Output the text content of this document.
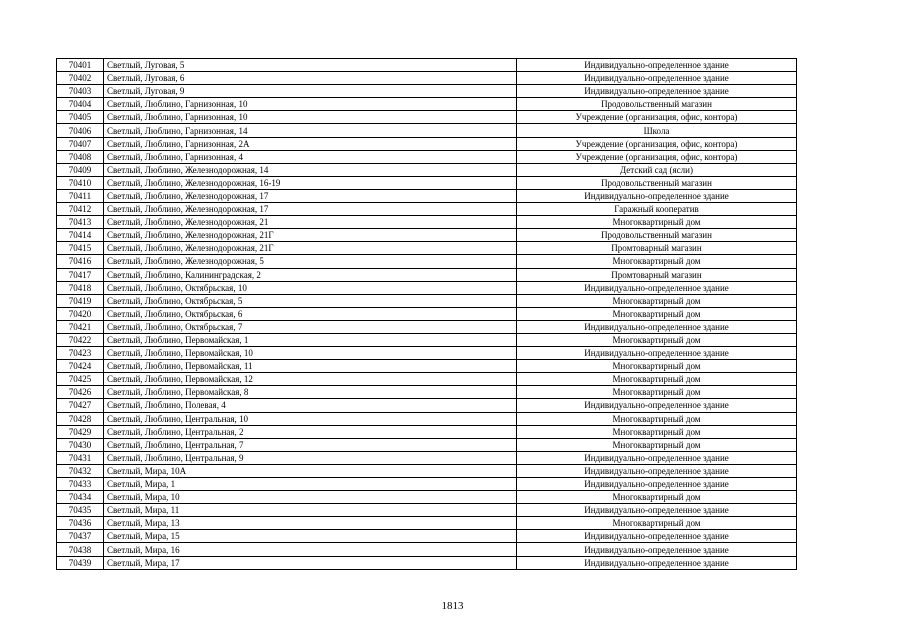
70401	Светлый, Луговая, 5	Индивидуально-определенное здание
70402	Светлый, Луговая, 6	Индивидуально-определенное здание
70403	Светлый, Луговая, 9	Индивидуально-определенное здание
70404	Светлый, Люблино, Гарнизонная, 10	Продовольственный магазин
70405	Светлый, Люблино, Гарнизонная, 10	Учреждение (организация, офис, контора)
70406	Светлый, Люблино, Гарнизонная, 14	Школа
70407	Светлый, Люблино, Гарнизонная, 2А	Учреждение (организация, офис, контора)
70408	Светлый, Люблино, Гарнизонная, 4	Учреждение (организация, офис, контора)
70409	Светлый, Люблино, Железнодорожная, 14	Детский сад (ясли)
70410	Светлый, Люблино, Железнодорожная, 16-19	Продовольственный магазин
70411	Светлый, Люблино, Железнодорожная, 17	Индивидуально-определенное здание
70412	Светлый, Люблино, Железнодорожная, 17	Гаражный кооператив
70413	Светлый, Люблино, Железнодорожная, 21	Многоквартирный дом
70414	Светлый, Люблино, Железнодорожная, 21Г	Продовольственный магазин
70415	Светлый, Люблино, Железнодорожная, 21Г	Промтоварный магазин
70416	Светлый, Люблино, Железнодорожная, 5	Многоквартирный дом
70417	Светлый, Люблино, Калининградская, 2	Промтоварный магазин
70418	Светлый, Люблино, Октябрьская, 10	Индивидуально-определенное здание
70419	Светлый, Люблино, Октябрьская, 5	Многоквартирный дом
70420	Светлый, Люблино, Октябрьская, 6	Многоквартирный дом
70421	Светлый, Люблино, Октябрьская, 7	Индивидуально-определенное здание
70422	Светлый, Люблино, Первомайская, 1	Многоквартирный дом
70423	Светлый, Люблино, Первомайская, 10	Индивидуально-определенное здание
70424	Светлый, Люблино, Первомайская, 11	Многоквартирный дом
70425	Светлый, Люблино, Первомайская, 12	Многоквартирный дом
70426	Светлый, Люблино, Первомайская, 8	Многоквартирный дом
70427	Светлый, Люблино, Полевая, 4	Индивидуально-определенное здание
70428	Светлый, Люблино, Центральная, 10	Многоквартирный дом
70429	Светлый, Люблино, Центральная, 2	Многоквартирный дом
70430	Светлый, Люблино, Центральная, 7	Многоквартирный дом
70431	Светлый, Люблино, Центральная, 9	Индивидуально-определенное здание
70432	Светлый, Мира, 10А	Индивидуально-определенное здание
70433	Светлый, Мира, 1	Индивидуально-определенное здание
70434	Светлый, Мира, 10	Многоквартирный дом
70435	Светлый, Мира, 11	Индивидуально-определенное здание
70436	Светлый, Мира, 13	Многоквартирный дом
70437	Светлый, Мира, 15	Индивидуально-определенное здание
70438	Светлый, Мира, 16	Индивидуально-определенное здание
70439	Светлый, Мира, 17	Индивидуально-определенное здание
1813
